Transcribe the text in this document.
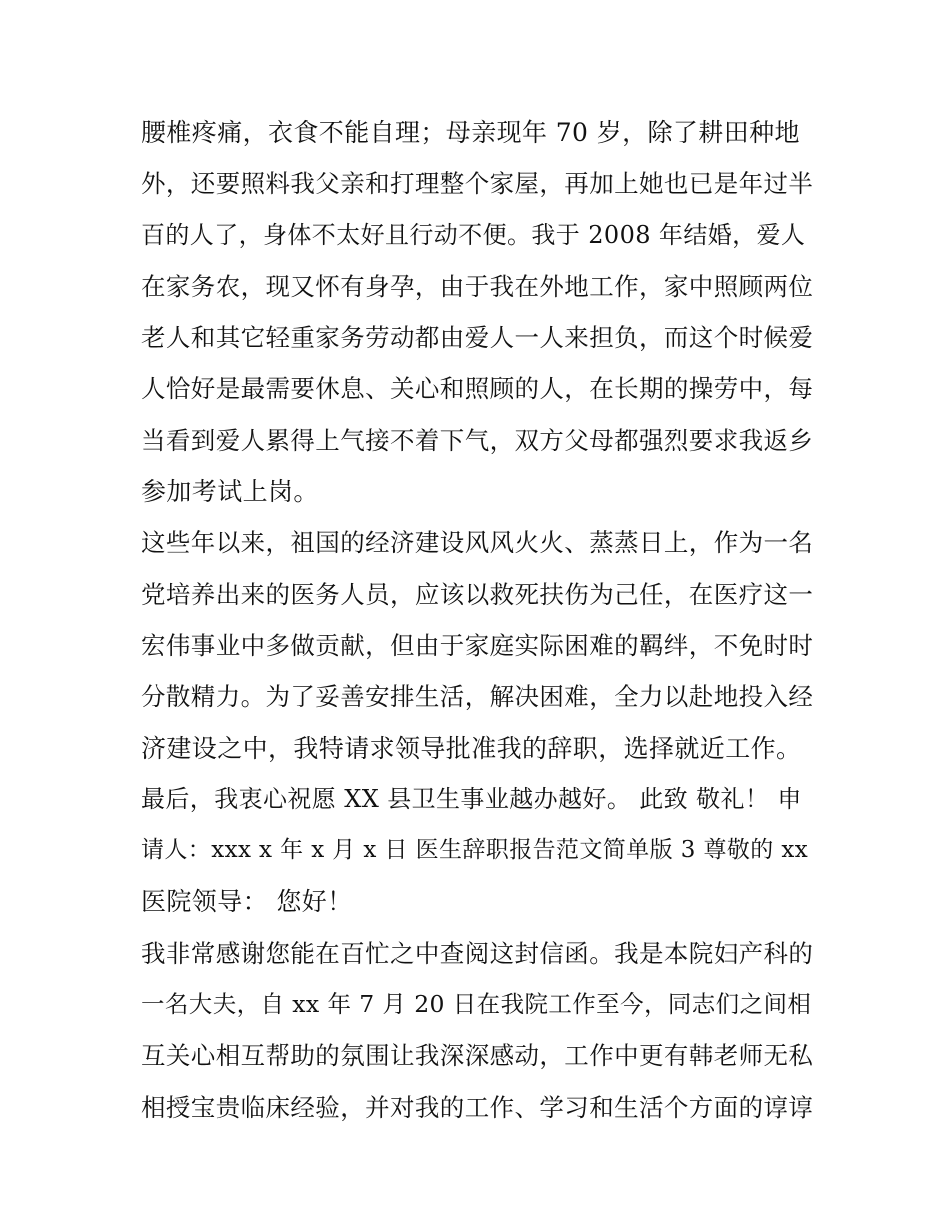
腰椎疼痛，衣食不能自理；母亲现年 70 岁，除了耕田种地
外，还要照料我父亲和打理整个家屋，再加上她也已是年过半
百的人了，身体不太好且行动不便。我于 2008 年结婚，爱人
在家务农，现又怀有身孕，由于我在外地工作，家中照顾两位
老人和其它轻重家务劳动都由爱人一人来担负，而这个时候爱
人恰好是最需要休息、关心和照顾的人，在长期的操劳中，每
当看到爱人累得上气接不着下气，双方父母都强烈要求我返乡
参加考试上岗。
这些年以来，祖国的经济建设风风火火、蒸蒸日上，作为一名
党培养出来的医务人员，应该以救死扶伤为己任，在医疗这一
宏伟事业中多做贡献，但由于家庭实际困难的羁绊，不免时时
分散精力。为了妥善安排生活，解决困难，全力以赴地投入经
济建设之中，我特请求领导批准我的辞职，选择就近工作。
最后，我衷心祝愿 XX 县卫生事业越办越好。 此致 敬礼！ 申
请人：xxx x 年 x 月 x 日 医生辞职报告范文简单版 3 尊敬的 xx
医院领导： 您好！
我非常感谢您能在百忙之中查阅这封信函。我是本院妇产科的
一名大夫，自 xx 年 7 月 20 日在我院工作至今，同志们之间相
互关心相互帮助的氛围让我深深感动，工作中更有韩老师无私
相授宝贵临床经验，并对我的工作、学习和生活个方面的谆谆
